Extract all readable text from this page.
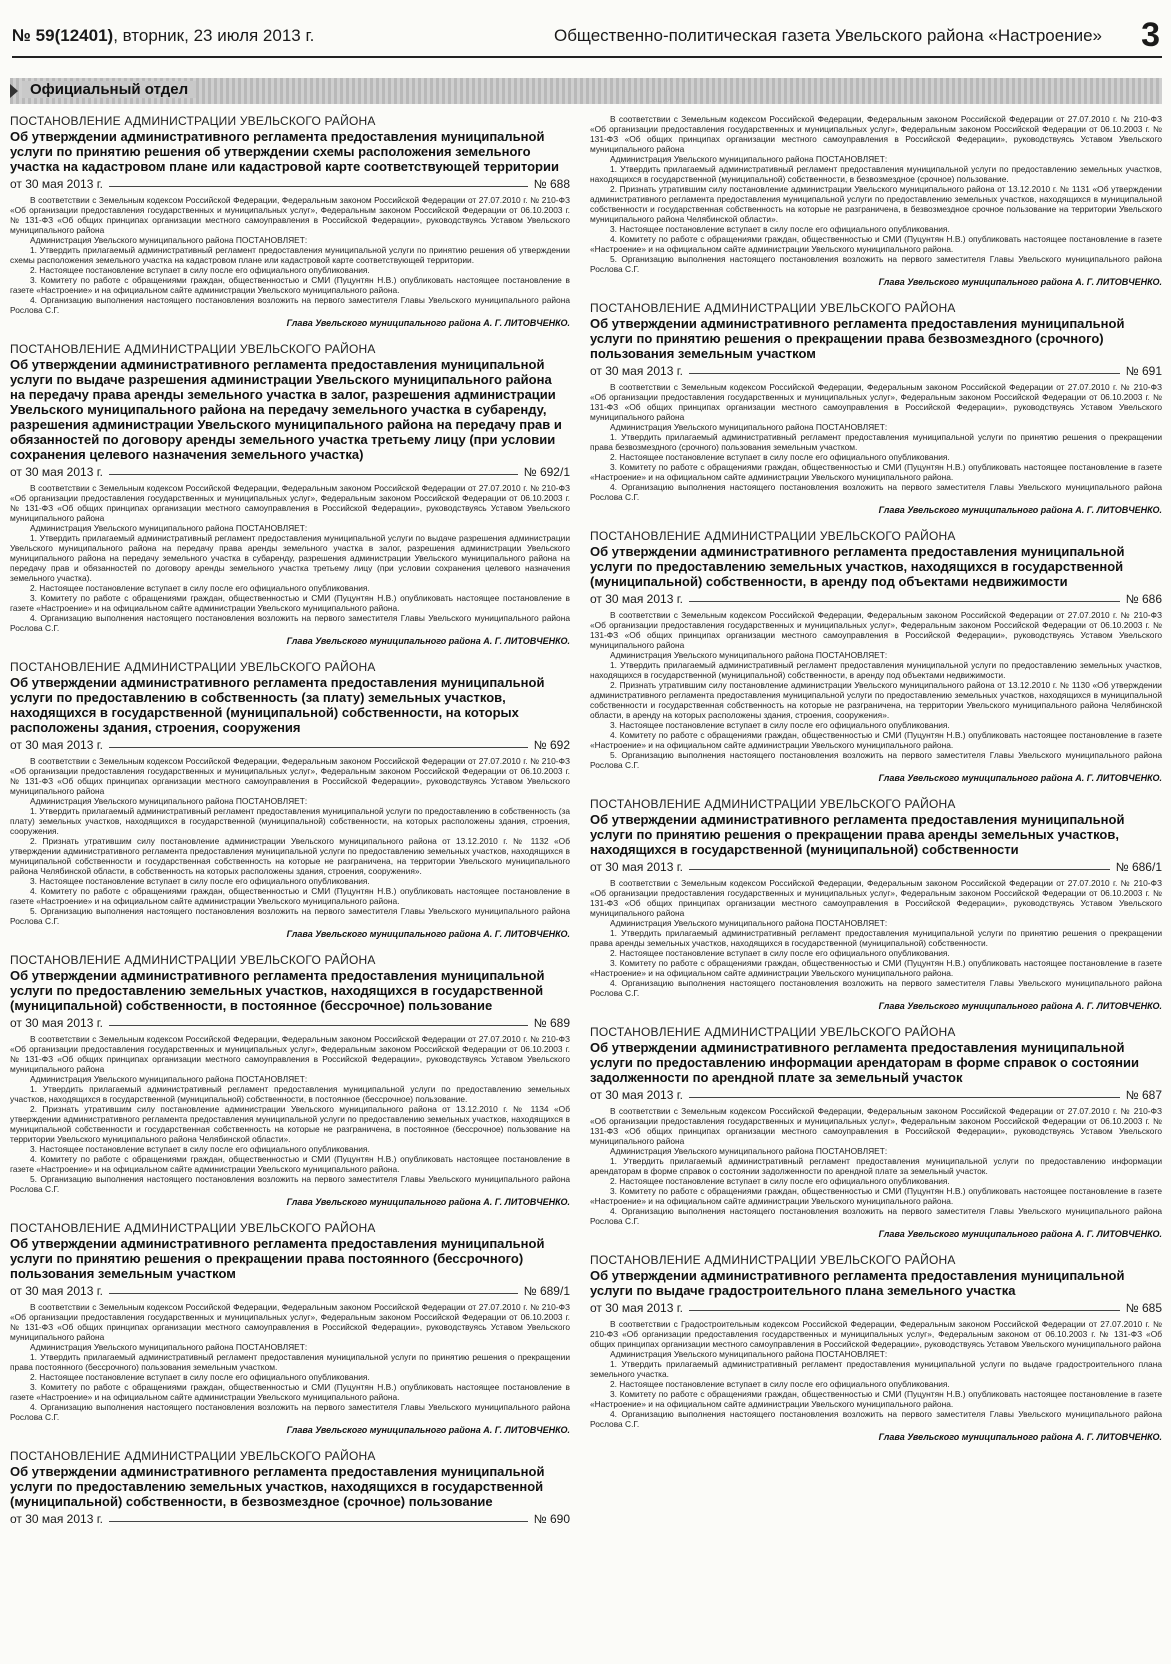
№ 59(12401), вторник, 23 июля 2013 г.	Общественно-политическая газета Увельского района «Настроение» 3
Официальный отдел
ПОСТАНОВЛЕНИЕ АДМИНИСТРАЦИИ УВЕЛЬСКОГО РАЙОНА
Об утверждении административного регламента предоставления муниципальной услуги по принятию решения об утверждении схемы расположения земельного участка на кадастровом плане или кадастровой карте соответствующей территории
от 30 мая 2013 г.	№ 688

В соответствии с Земельным кодексом Российской Федерации, Федеральным законом Российской Федерации от 27.07.2010 г. № 210-ФЗ «Об организации предоставления государственных и муниципальных услуг», Федеральным законом Российской Федерации от 06.10.2003 г. № 131-ФЗ «Об общих принципах организации местного самоуправления в Российской Федерации», руководствуясь Уставом Увельского муниципального района

Администрация Увельского муниципального района ПОСТАНОВЛЯЕТ:

1. Утвердить прилагаемый административный регламент предоставления муниципальной услуги по принятию решения об утверждении схемы расположения земельного участка на кадастровом плане или кадастровой карте соответствующей территории.

2. Настоящее постановление вступает в силу после его официального опубликования.

3. Комитету по работе с обращениями граждан, общественностью и СМИ (Пуцунтян Н.В.) опубликовать настоящее постановление в газете «Настроение» и на официальном сайте администрации Увельского муниципального района.

4. Организацию выполнения настоящего постановления возложить на первого заместителя Главы Увельского муниципального района Рослова С.Г.

Глава Увельского муниципального района А. Г. ЛИТОВЧЕНКО.
ПОСТАНОВЛЕНИЕ АДМИНИСТРАЦИИ УВЕЛЬСКОГО РАЙОНА
Об утверждении административного регламента предоставления муниципальной услуги по выдаче разрешения администрации Увельского муниципального района на передачу права аренды земельного участка в залог, разрешения администрации Увельского муниципального района на передачу земельного участка в субаренду, разрешения администрации Увельского муниципального района на передачу прав и обязанностей по договору аренды земельного участка третьему лицу (при условии сохранения целевого назначения земельного участка)
от 30 мая 2013 г.	№ 692/1

В соответствии с Земельным кодексом Российской Федерации, Федеральным законом Российской Федерации от 27.07.2010 г. № 210-ФЗ «Об организации предоставления государственных и муниципальных услуг», Федеральным законом Российской Федерации от 06.10.2003 г. № 131-ФЗ «Об общих принципах организации местного самоуправления в Российской Федерации», руководствуясь Уставом Увельского муниципального района

Администрация Увельского муниципального района ПОСТАНОВЛЯЕТ:

1. Утвердить прилагаемый административный регламент предоставления муниципальной услуги по выдаче разрешения администрации Увельского муниципального района на передачу права аренды земельного участка в залог, разрешения администрации Увельского муниципального района на передачу земельного участка в субаренду, разрешения администрации Увельского муниципального района на передачу прав и обязанностей по договору аренды земельного участка третьему лицу (при условии сохранения целевого назначения земельного участка).

2. Настоящее постановление вступает в силу после его официального опубликования.

3. Комитету по работе с обращениями граждан, общественностью и СМИ (Пуцунтян Н.В.) опубликовать настоящее постановление в газете «Настроение» и на официальном сайте администрации Увельского муниципального района.

4. Организацию выполнения настоящего постановления возложить на первого заместителя Главы Увельского муниципального района Рослова С.Г.

Глава Увельского муниципального района А. Г. ЛИТОВЧЕНКО.
ПОСТАНОВЛЕНИЕ АДМИНИСТРАЦИИ УВЕЛЬСКОГО РАЙОНА
Об утверждении административного регламента предоставления муниципальной услуги по предоставлению в собственность (за плату) земельных участков, находящихся в государственной (муниципальной) собственности, на которых расположены здания, строения, сооружения
от 30 мая 2013 г.	№ 692

В соответствии с Земельным кодексом Российской Федерации, Федеральным законом Российской Федерации от 27.07.2010 г. № 210-ФЗ «Об организации предоставления государственных и муниципальных услуг», Федеральным законом Российской Федерации от 06.10.2003 г. № 131-ФЗ «Об общих принципах организации местного самоуправления в Российской Федерации», руководствуясь Уставом Увельского муниципального района

Администрация Увельского муниципального района ПОСТАНОВЛЯЕТ:

1. Утвердить прилагаемый административный регламент предоставления муниципальной услуги по предоставлению в собственность (за плату) земельных участков, находящихся в государственной (муниципальной) собственности, на которых расположены здания, строения, сооружения.

2. Признать утратившим силу постановление администрации Увельского муниципального района от 13.12.2010 г. № 1132 «Об утверждении административного регламента предоставления муниципальной услуги по предоставлению земельных участков, находящихся в муниципальной собственности и государственная собственность на которые не разграничена, на территории Увельского муниципального района Челябинской области, в собственность на которых расположены здания, строения, сооружения».

3. Настоящее постановление вступает в силу после его официального опубликования.

4. Комитету по работе с обращениями граждан, общественностью и СМИ (Пуцунтян Н.В.) опубликовать настоящее постановление в газете «Настроение» и на официальном сайте администрации Увельского муниципального района.

5. Организацию выполнения настоящего постановления возложить на первого заместителя Главы Увельского муниципального района Рослова С.Г.

Глава Увельского муниципального района А. Г. ЛИТОВЧЕНКО.
ПОСТАНОВЛЕНИЕ АДМИНИСТРАЦИИ УВЕЛЬСКОГО РАЙОНА
Об утверждении административного регламента предоставления муниципальной услуги по предоставлению земельных участков, находящихся в государственной (муниципальной) собственности, в постоянное (бессрочное) пользование
от 30 мая 2013 г.	№ 689

В соответствии с Земельным кодексом Российской Федерации, Федеральным законом Российской Федерации от 27.07.2010 г. № 210-ФЗ «Об организации предоставления государственных и муниципальных услуг», Федеральным законом Российской Федерации от 06.10.2003 г. № 131-ФЗ «Об общих принципах организации местного самоуправления в Российской Федерации», руководствуясь Уставом Увельского муниципального района

Администрация Увельского муниципального района ПОСТАНОВЛЯЕТ:

1. Утвердить прилагаемый административный регламент предоставления муниципальной услуги по предоставлению земельных участков, находящихся в государственной (муниципальной) собственности, в постоянное (бессрочное) пользование.

2. Признать утратившим силу постановление администрации Увельского муниципального района от 13.12.2010 г. № 1134 «Об утверждении административного регламента предоставления муниципальной услуги по предоставлению земельных участков, находящихся в муниципальной собственности и государственная собственность на которые не разграничена, в постоянное (бессрочное) пользование на территории Увельского муниципального района Челябинской области».

3. Настоящее постановление вступает в силу после его официального опубликования.

4. Комитету по работе с обращениями граждан, общественностью и СМИ (Пуцунтян Н.В.) опубликовать настоящее постановление в газете «Настроение» и на официальном сайте администрации Увельского муниципального района.

5. Организацию выполнения настоящего постановления возложить на первого заместителя Главы Увельского муниципального района Рослова С.Г.

Глава Увельского муниципального района А. Г. ЛИТОВЧЕНКО.
ПОСТАНОВЛЕНИЕ АДМИНИСТРАЦИИ УВЕЛЬСКОГО РАЙОНА
Об утверждении административного регламента предоставления муниципальной услуги по принятию решения о прекращении права постоянного (бессрочного) пользования земельным участком
от 30 мая 2013 г.	№ 689/1

В соответствии с Земельным кодексом Российской Федерации, Федеральным законом Российской Федерации от 27.07.2010 г. № 210-ФЗ «Об организации предоставления государственных и муниципальных услуг», Федеральным законом Российской Федерации от 06.10.2003 г. № 131-ФЗ «Об общих принципах организации местного самоуправления в Российской Федерации», руководствуясь Уставом Увельского муниципального района

Администрация Увельского муниципального района ПОСТАНОВЛЯЕТ:

1. Утвердить прилагаемый административный регламент предоставления муниципальной услуги по принятию решения о прекращении права постоянного (бессрочного) пользования земельным участком.

2. Настоящее постановление вступает в силу после его официального опубликования.

3. Комитету по работе с обращениями граждан, общественностью и СМИ (Пуцунтян Н.В.) опубликовать настоящее постановление в газете «Настроение» и на официальном сайте администрации Увельского муниципального района.

4. Организацию выполнения настоящего постановления возложить на первого заместителя Главы Увельского муниципального района Рослова С.Г.

Глава Увельского муниципального района А. Г. ЛИТОВЧЕНКО.
ПОСТАНОВЛЕНИЕ АДМИНИСТРАЦИИ УВЕЛЬСКОГО РАЙОНА
Об утверждении административного регламента предоставления муниципальной услуги по предоставлению земельных участков, находящихся в государственной (муниципальной) собственности, в безвозмездное (срочное) пользование
от 30 мая 2013 г.	№ 690

В соответствии с Земельным кодексом Российской Федерации, Федеральным законом Российской Федерации от 27.07.2010 г. № 210-ФЗ «Об организации предоставления государственных и муниципальных услуг», Федеральным законом Российской Федерации от 06.10.2003 г. № 131-ФЗ «Об общих принципах организации местного самоуправления в Российской Федерации», руководствуясь Уставом Увельского муниципального района

Администрация Увельского муниципального района ПОСТАНОВЛЯЕТ:

1. Утвердить прилагаемый административный регламент предоставления муниципальной услуги по предоставлению земельных участков, находящихся в государственной (муниципальной) собственности, в безвозмездное (срочное) пользование.

2. Признать утратившим силу постановление администрации Увельского муниципального района от 13.12.2010 г. № 1131 «Об утверждении административного регламента предоставления муниципальной услуги по предоставлению земельных участков, находящихся в муниципальной собственности и государственная собственность на которые не разграничена, в безвозмездное срочное пользование на территории Увельского муниципального района Челябинской области».

3. Настоящее постановление вступает в силу после его официального опубликования.

4. Комитету по работе с обращениями граждан, общественностью и СМИ (Пуцунтян Н.В.) опубликовать настоящее постановление в газете «Настроение» и на официальном сайте администрации Увельского муниципального района.

5. Организацию выполнения настоящего постановления возложить на первого заместителя Главы Увельского муниципального района Рослова С.Г.

Глава Увельского муниципального района А. Г. ЛИТОВЧЕНКО.
ПОСТАНОВЛЕНИЕ АДМИНИСТРАЦИИ УВЕЛЬСКОГО РАЙОНА
Об утверждении административного регламента предоставления муниципальной услуги по принятию решения о прекращении права безвозмездного (срочного) пользования земельным участком
от 30 мая 2013 г.	№ 691

В соответствии с Земельным кодексом Российской Федерации, Федеральным законом Российской Федерации от 27.07.2010 г. № 210-ФЗ «Об организации предоставления государственных и муниципальных услуг», Федеральным законом Российской Федерации от 06.10.2003 г. № 131-ФЗ «Об общих принципах организации местного самоуправления в Российской Федерации», руководствуясь Уставом Увельского муниципального района

Администрация Увельского муниципального района ПОСТАНОВЛЯЕТ:

1. Утвердить прилагаемый административный регламент предоставления муниципальной услуги по принятию решения о прекращении права безвозмездного (срочного) пользования земельным участком.

2. Настоящее постановление вступает в силу после его официального опубликования.

3. Комитету по работе с обращениями граждан, общественностью и СМИ (Пуцунтян Н.В.) опубликовать настоящее постановление в газете «Настроение» и на официальном сайте администрации Увельского муниципального района.

4. Организацию выполнения настоящего постановления возложить на первого заместителя Главы Увельского муниципального района Рослова С.Г.

Глава Увельского муниципального района А. Г. ЛИТОВЧЕНКО.
ПОСТАНОВЛЕНИЕ АДМИНИСТРАЦИИ УВЕЛЬСКОГО РАЙОНА
Об утверждении административного регламента предоставления муниципальной услуги по предоставлению земельных участков, находящихся в государственной (муниципальной) собственности, в аренду под объектами недвижимости
от 30 мая 2013 г.	№ 686

В соответствии с Земельным кодексом Российской Федерации, Федеральным законом Российской Федерации от 27.07.2010 г. № 210-ФЗ «Об организации предоставления государственных и муниципальных услуг», Федеральным законом Российской Федерации от 06.10.2003 г. № 131-ФЗ «Об общих принципах организации местного самоуправления в Российской Федерации», руководствуясь Уставом Увельского муниципального района

Администрация Увельского муниципального района ПОСТАНОВЛЯЕТ:

1. Утвердить прилагаемый административный регламент предоставления муниципальной услуги по предоставлению земельных участков, находящихся в государственной (муниципальной) собственности, в аренду под объектами недвижимости.

2. Признать утратившим силу постановление администрации Увельского муниципального района от 13.12.2010 г. № 1130 «Об утверждении административного регламента предоставления муниципальной услуги по предоставлению земельных участков, находящихся в муниципальной собственности и государственная собственность на которые не разграничена, на территории Увельского муниципального района Челябинской области, в аренду на которых расположены здания, строения, сооружения».

3. Настоящее постановление вступает в силу после его официального опубликования.

4. Комитету по работе с обращениями граждан, общественностью и СМИ (Пуцунтян Н.В.) опубликовать настоящее постановление в газете «Настроение» и на официальном сайте администрации Увельского муниципального района.

5. Организацию выполнения настоящего постановления возложить на первого заместителя Главы Увельского муниципального района Рослова С.Г.

Глава Увельского муниципального района А. Г. ЛИТОВЧЕНКО.
ПОСТАНОВЛЕНИЕ АДМИНИСТРАЦИИ УВЕЛЬСКОГО РАЙОНА
Об утверждении административного регламента предоставления муниципальной услуги по принятию решения о прекращении права аренды земельных участков, находящихся в государственной (муниципальной) собственности
от 30 мая 2013 г.	№ 686/1

В соответствии с Земельным кодексом Российской Федерации, Федеральным законом Российской Федерации от 27.07.2010 г. № 210-ФЗ «Об организации предоставления государственных и муниципальных услуг», Федеральным законом Российской Федерации от 06.10.2003 г. № 131-ФЗ «Об общих принципах организации местного самоуправления в Российской Федерации», руководствуясь Уставом Увельского муниципального района

Администрация Увельского муниципального района ПОСТАНОВЛЯЕТ:

1. Утвердить прилагаемый административный регламент предоставления муниципальной услуги по принятию решения о прекращении права аренды земельных участков, находящихся в государственной (муниципальной) собственности.

2. Настоящее постановление вступает в силу после его официального опубликования.

3. Комитету по работе с обращениями граждан, общественностью и СМИ (Пуцунтян Н.В.) опубликовать настоящее постановление в газете «Настроение» и на официальном сайте администрации Увельского муниципального района.

4. Организацию выполнения настоящего постановления возложить на первого заместителя Главы Увельского муниципального района Рослова С.Г.

Глава Увельского муниципального района А. Г. ЛИТОВЧЕНКО.
ПОСТАНОВЛЕНИЕ АДМИНИСТРАЦИИ УВЕЛЬСКОГО РАЙОНА
Об утверждении административного регламента предоставления муниципальной услуги по предоставлению информации арендаторам в форме справок о состоянии задолженности по арендной плате за земельный участок
от 30 мая 2013 г.	№ 687

В соответствии с Земельным кодексом Российской Федерации, Федеральным законом Российской Федерации от 27.07.2010 г. № 210-ФЗ «Об организации предоставления государственных и муниципальных услуг», Федеральным законом Российской Федерации от 06.10.2003 г. № 131-ФЗ «Об общих принципах организации местного самоуправления в Российской Федерации», руководствуясь Уставом Увельского муниципального района

Администрация Увельского муниципального района ПОСТАНОВЛЯЕТ:

1. Утвердить прилагаемый административный регламент предоставления муниципальной услуги по предоставлению информации арендаторам в форме справок о состоянии задолженности по арендной плате за земельный участок.

2. Настоящее постановление вступает в силу после его официального опубликования.

3. Комитету по работе с обращениями граждан, общественностью и СМИ (Пуцунтян Н.В.) опубликовать настоящее постановление в газете «Настроение» и на официальном сайте администрации Увельского муниципального района.

4. Организацию выполнения настоящего постановления возложить на первого заместителя Главы Увельского муниципального района Рослова С.Г.

Глава Увельского муниципального района А. Г. ЛИТОВЧЕНКО.
ПОСТАНОВЛЕНИЕ АДМИНИСТРАЦИИ УВЕЛЬСКОГО РАЙОНА
Об утверждении административного регламента предоставления муниципальной услуги по выдаче градостроительного плана земельного участка
от 30 мая 2013 г.	№ 685

В соответствии с Градостроительным кодексом Российской Федерации, Федеральным законом Российской Федерации от 27.07.2010 г. № 210-ФЗ «Об организации предоставления государственных и муниципальных услуг», Федеральным законом от 06.10.2003 г. № 131-ФЗ «Об общих принципах организации местного самоуправления в Российской Федерации», руководствуясь Уставом Увельского муниципального района

Администрация Увельского муниципального района ПОСТАНОВЛЯЕТ:

1. Утвердить прилагаемый административный регламент предоставления муниципальной услуги по выдаче градостроительного плана земельного участка.

2. Настоящее постановление вступает в силу после его официального опубликования.

3. Комитету по работе с обращениями граждан, общественностью и СМИ (Пуцунтян Н.В.) опубликовать настоящее постановление в газете «Настроение» и на официальном сайте администрации Увельского муниципального района.

4. Организацию выполнения настоящего постановления возложить на первого заместителя Главы Увельского муниципального района Рослова С.Г.

Глава Увельского муниципального района А. Г. ЛИТОВЧЕНКО.
